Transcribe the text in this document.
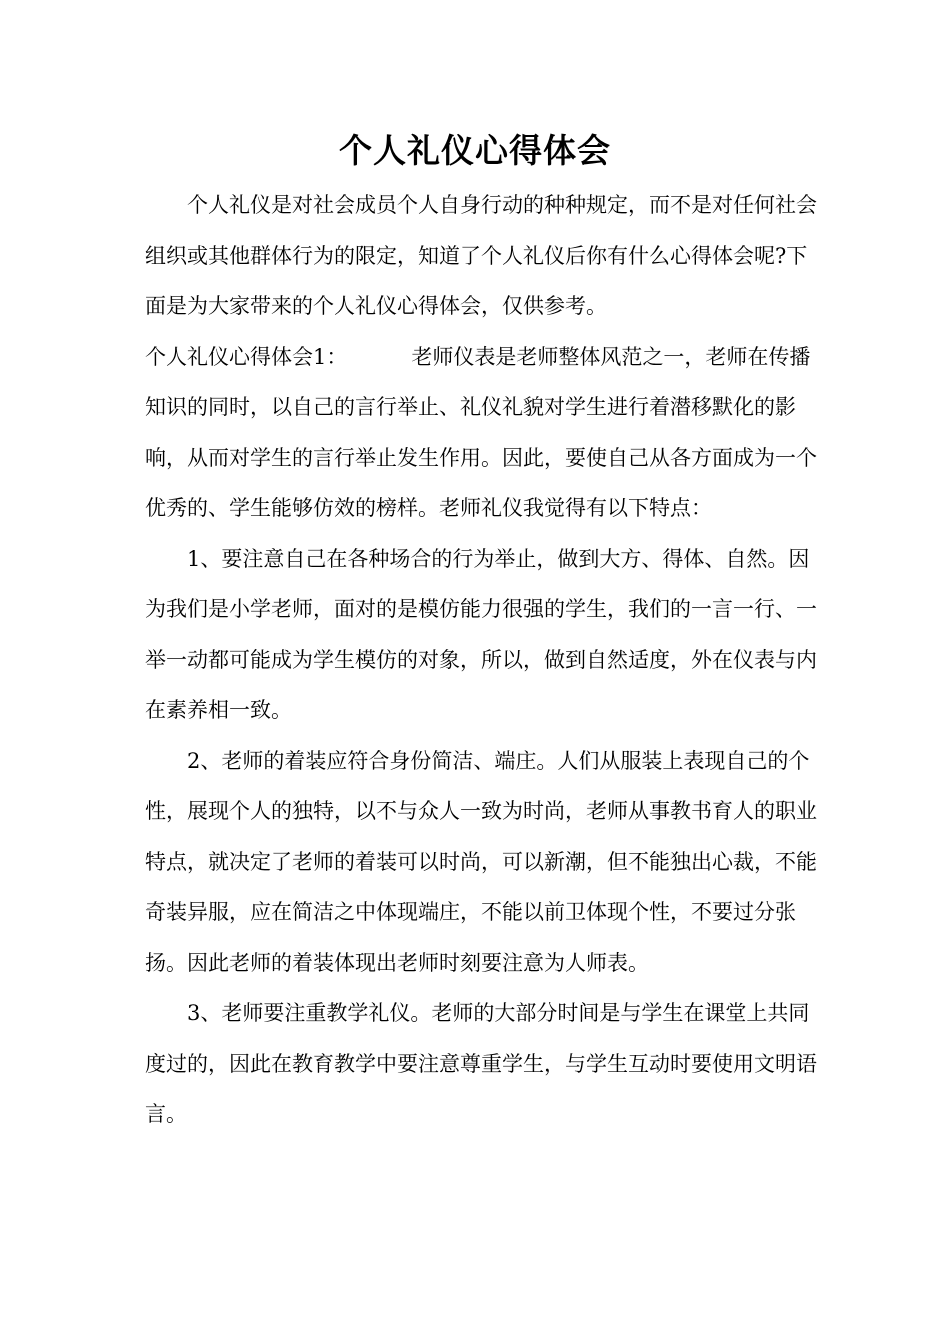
个人礼仪心得体会

个人礼仪是对社会成员个人自身行动的种种规定，而不是对任何社会组织或其他群体行为的限定，知道了个人礼仪后你有什么心得体会呢?下面是为大家带来的个人礼仪心得体会，仅供参考。

个人礼仪心得体会1：	老师仪表是老师整体风范之一，老师在传播知识的同时，以自己的言行举止、礼仪礼貌对学生进行着潜移默化的影响，从而对学生的言行举止发生作用。因此，要使自己从各方面成为一个优秀的、学生能够仿效的榜样。老师礼仪我觉得有以下特点：

1、要注意自己在各种场合的行为举止，做到大方、得体、自然。因为我们是小学老师，面对的是模仿能力很强的学生，我们的一言一行、一举一动都可能成为学生模仿的对象，所以，做到自然适度，外在仪表与内在素养相一致。

2、老师的着装应符合身份简洁、端庄。人们从服装上表现自己的个性，展现个人的独特，以不与众人一致为时尚，老师从事教书育人的职业特点，就决定了老师的着装可以时尚，可以新潮，但不能独出心裁，不能奇装异服，应在简洁之中体现端庄，不能以前卫体现个性，不要过分张扬。因此老师的着装体现出老师时刻要注意为人师表。

3、老师要注重教学礼仪。老师的大部分时间是与学生在课堂上共同度过的，因此在教育教学中要注意尊重学生，与学生互动时要使用文明语言。
